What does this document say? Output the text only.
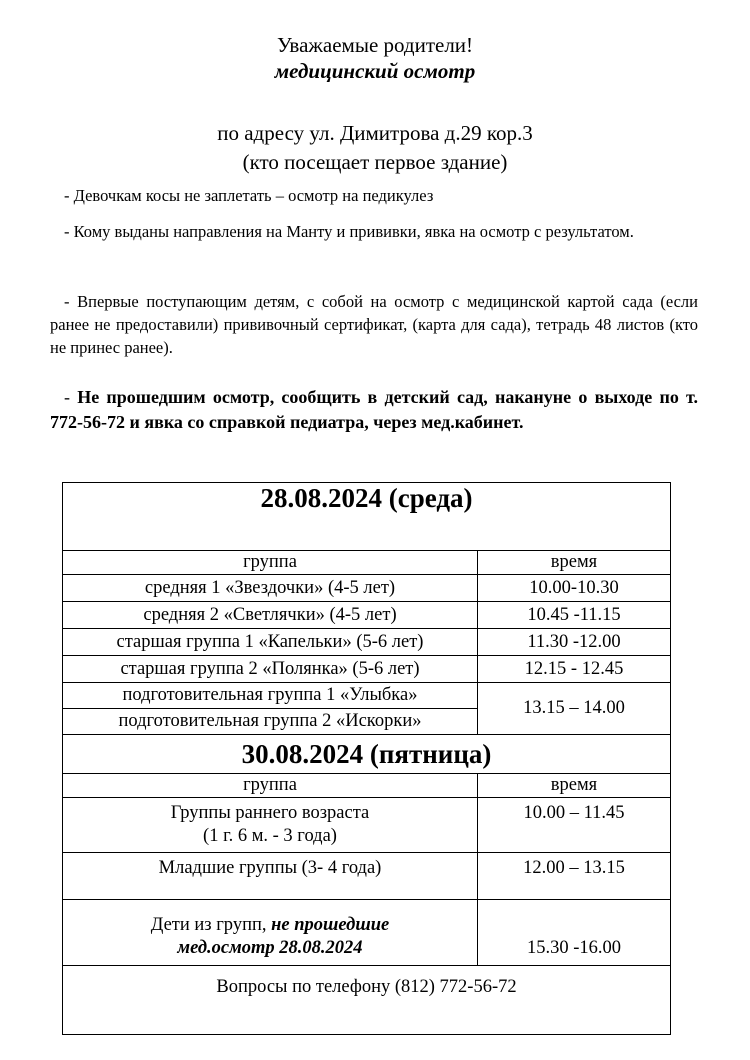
Уважаемые родители!
медицинский осмотр
по адресу ул. Димитрова д.29 кор.3
(кто посещает первое здание)
- Девочкам косы не заплетать – осмотр на педикулез
- Кому выданы направления на Манту и прививки, явка на осмотр с результатом.
- Впервые поступающим детям, с собой на осмотр с медицинской картой сада (если ранее не предоставили) прививочный сертификат, (карта для сада), тетрадь 48 листов (кто не принес ранее).
- Не прошедшим осмотр, сообщить в детский сад, накануне о выходе по т. 772-56-72 и явка со справкой педиатра, через мед.кабинет.
28.08.2024 (среда)	
группа	время
средняя 1 «Звездочки» (4-5 лет)	10.00-10.30
средняя 2 «Светлячки» (4-5 лет)	10.45 -11.15
старшая группа 1 «Капельки» (5-6 лет)	11.30 -12.00
старшая группа 2 «Полянка» (5-6 лет)	12.15 - 12.45
подготовительная группа 1 «Улыбка»	13.15 – 14.00
подготовительная группа 2 «Искорки»	
30.08.2024 (пятница)	
группа	время

Группы раннего возраста
(1 г. 6 м. - 3 года)	10.00 – 11.45
Младшие группы (3- 4 года)	12.00 – 13.15

Дети из групп, не прошедшие
мед.осмотр 28.08.2024	15.30 -16.00
Вопросы по телефону (812) 772-56-72	
